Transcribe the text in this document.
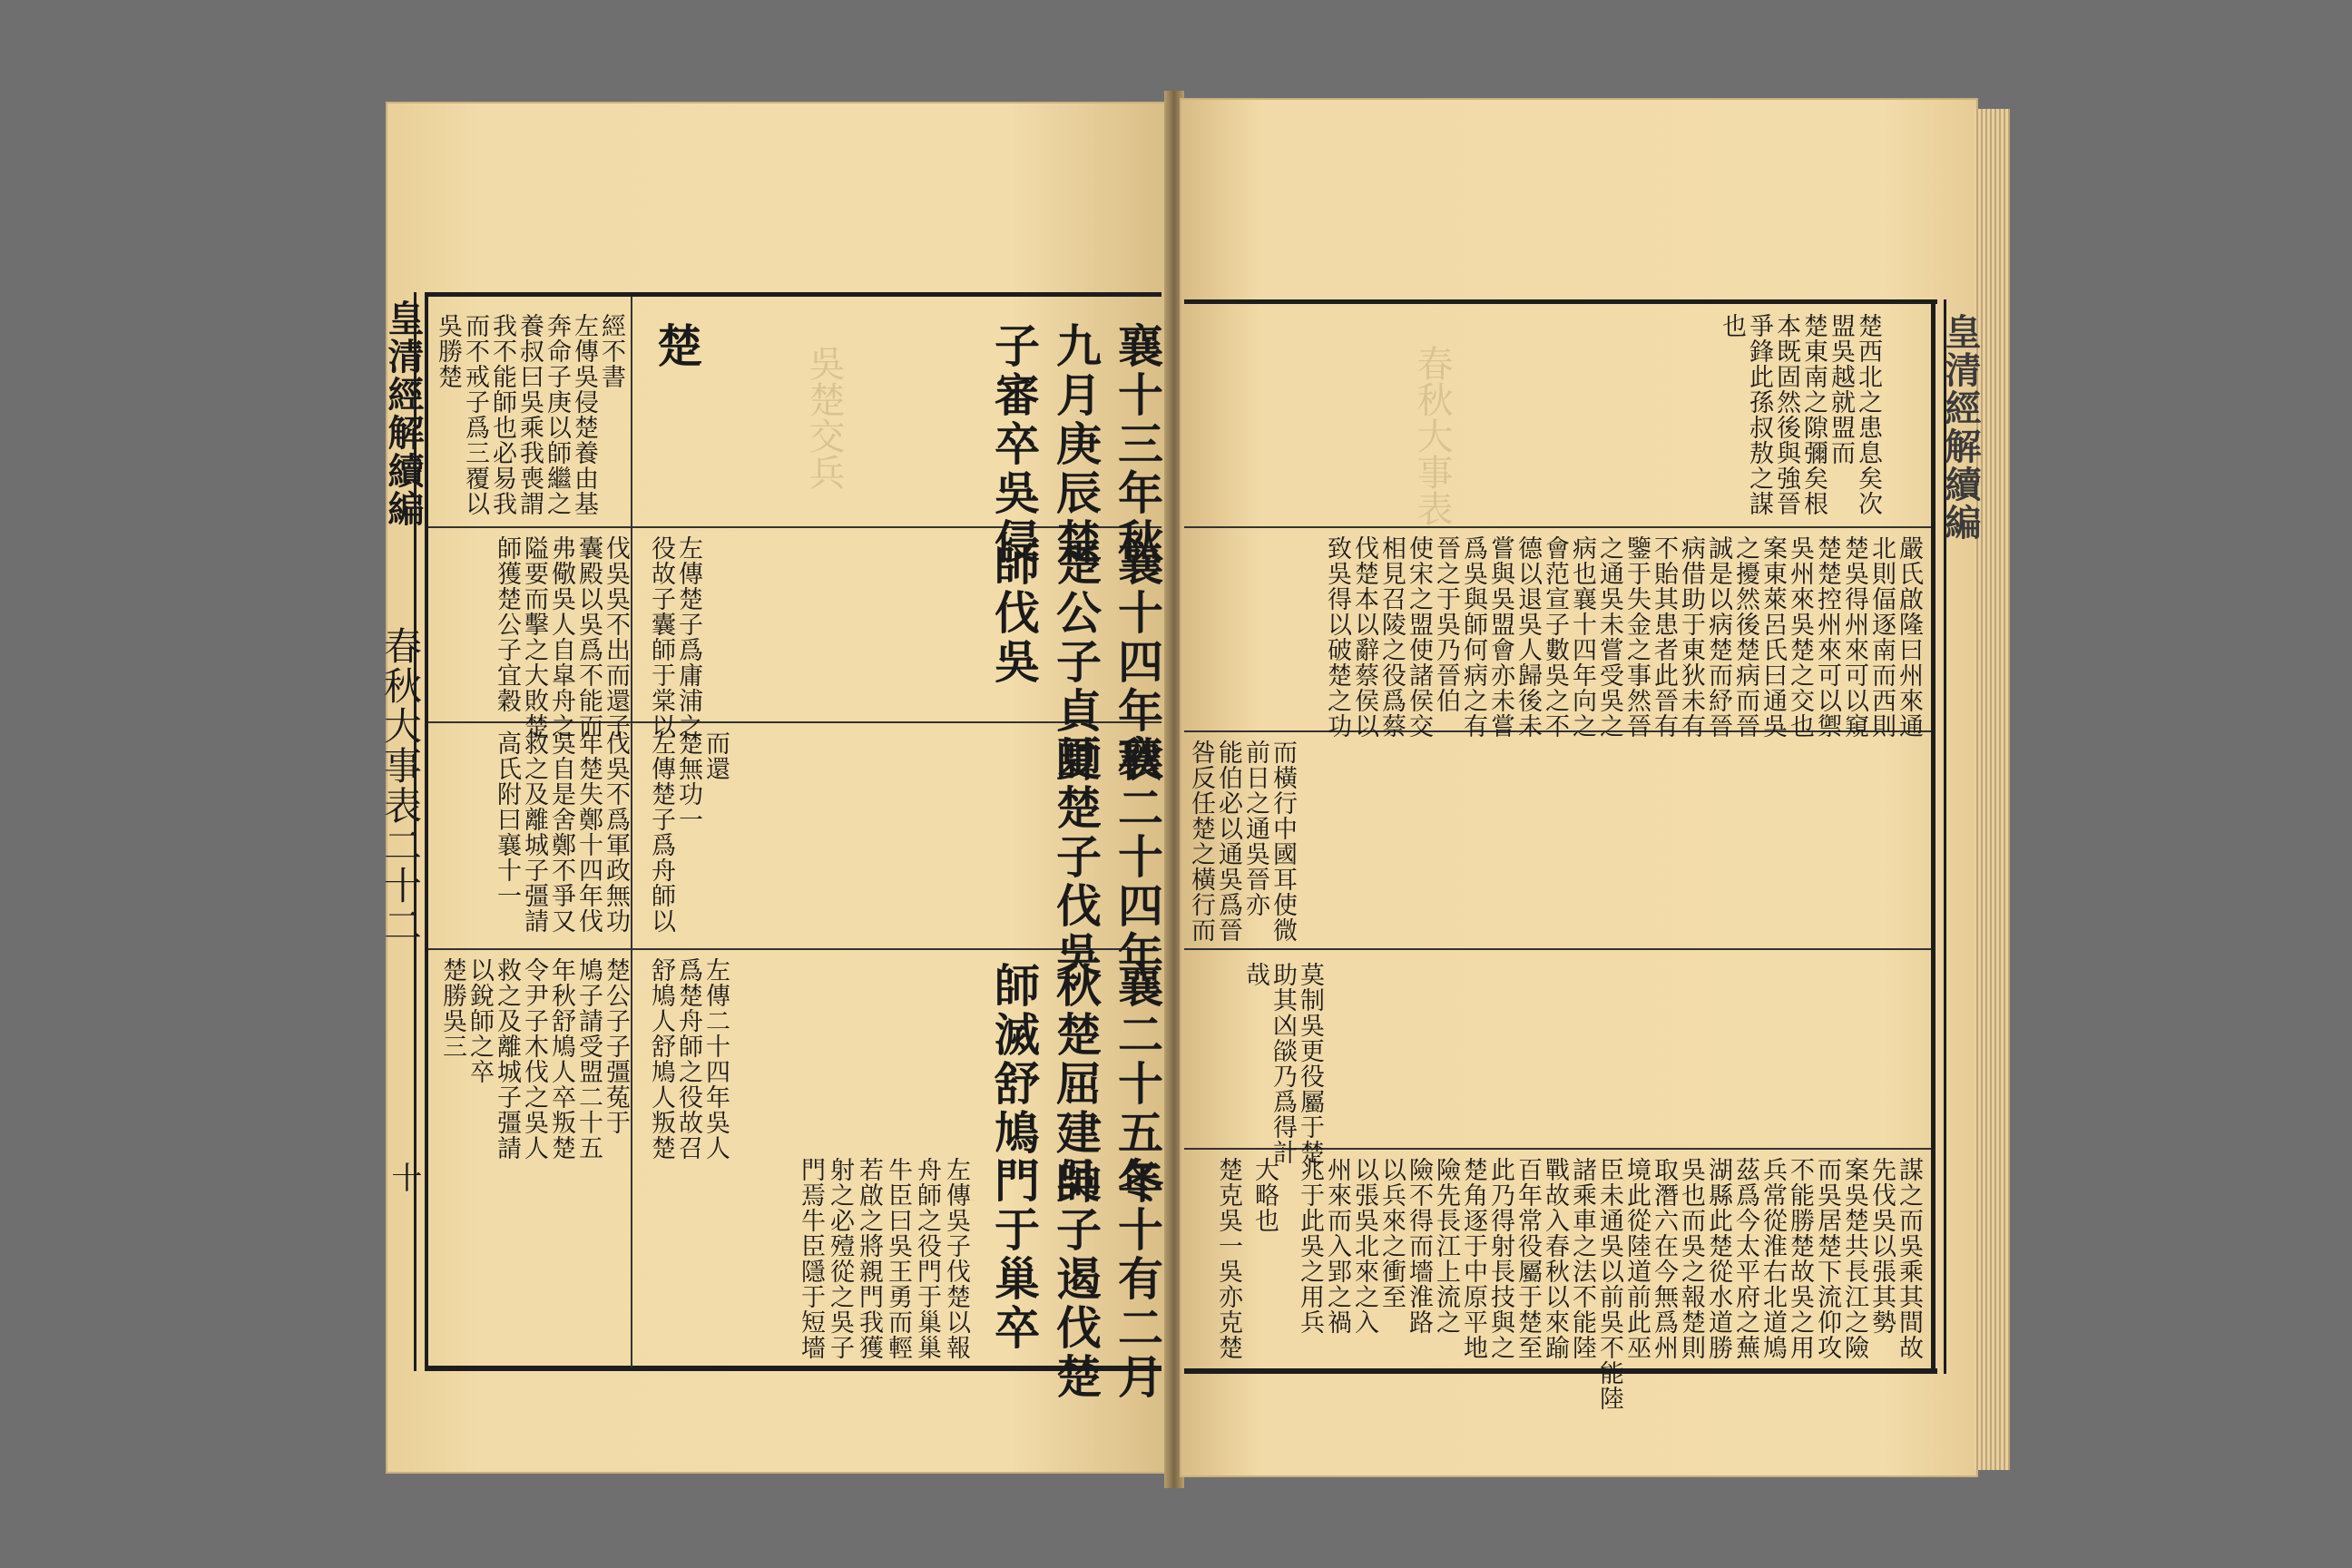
皇清經解續編
春秋大事表二十二
十
皇清經解續編
襄十三年秋
襄十四年秋
襄二十四年
襄二十五年
冬十有二月
九月庚辰楚
楚公子貞帥
夏楚子伐吳
秋楚屈建帥
吳子遏伐楚
子審卒吳侵
師伐吳
師滅舒鳩
門于巢卒
楚
經不書
左傳吳侵楚養由基
奔命子庚以師繼之
養叔曰吳乘我喪謂
我不能師也必易我
而不戒子爲三覆以
吳勝楚
左傳楚子爲庸浦之
役故子囊師于棠以
伐吳吳不出而還子
囊殿以吳爲不能而
弗儆吳人自皐舟之
隘要而擊之大敗楚
師獲楚公子宜穀
而還
楚無功一
左傳楚子爲舟師以
伐吳不爲軍政無功
年楚失鄭十四年伐
吳自是舍鄭不爭又
救之及離城子彊請
高氏附曰襄十一
左傳二十四年吳人
爲楚舟師之役故召
舒鳩人舒鳩人叛楚
楚公子子彊菟于
鳩子請受盟二十五
年秋舒鳩人卒叛楚
令尹子木伐之吳人
救之及離城子彊請
以銳師之卒
楚勝吳三
左傳吳子伐楚以報
舟師之役門于巢巢
牛臣曰吳王勇而輕
若啟之將親門我獲
射之必殪從之吳子
門焉牛臣隱于短墻
春秋大事表
吳楚交兵
也 爭鋒此孫叔敖之謀 本既固然後與強晉 楚東南之隙彌矣根 盟吳越就盟而 楚西北之患息矣次
嚴氏啟隆曰州來通
北則偪逐南而西則
楚吳得州來可以窺
楚楚控州來可以禦
吳州來吳楚之交也
案東萊呂氏曰通吳
之擾然後楚病而晉
誠是以病楚而紓晉
病借助于東狄未有
不貽其患者此晉有
鑒于失金之事然晉
之通吳未嘗受吳之
病也襄十四年向之
會范宣子數吳之不
德以退吳人歸後未
嘗與吳盟會亦未嘗
爲吳與師何病之有
晉之于吳乃晉伯
使宋之盟使諸侯交
相見召陵之役爲蔡
伐楚本以辭蔡侯以
致吳得以破楚之功
而橫行中國耳使微
前日之通吳晉亦
能伯必以通吳爲晉
咎反任楚之橫行而
莫制吳更役屬于楚
助其凶燄乃爲得計
哉
謀之而吳乘其間故
先伐吳以張其勢
案吳楚共長江之險
而吳居楚下流仰攻
不能勝楚故吳之用
兵常從淮右北道鳩
茲爲今太平府之蕪
湖縣此楚從水道勝
吳也而吳之報楚則
取潛六在今無爲州
境此從陸道前此巫
臣未通吳以前吳不能陸
諸乘車之法不能陸
戰故入春秋以來踰
百年常役屬于楚至
此乃得射長技與之
楚角逐于中原平地
險先長江上流之
險不得而墻淮路
以兵來之衝至
以張吳北來之入
州來而入郢之禍
兆于此吳之用兵
大略也
楚克吳一吳亦克楚
